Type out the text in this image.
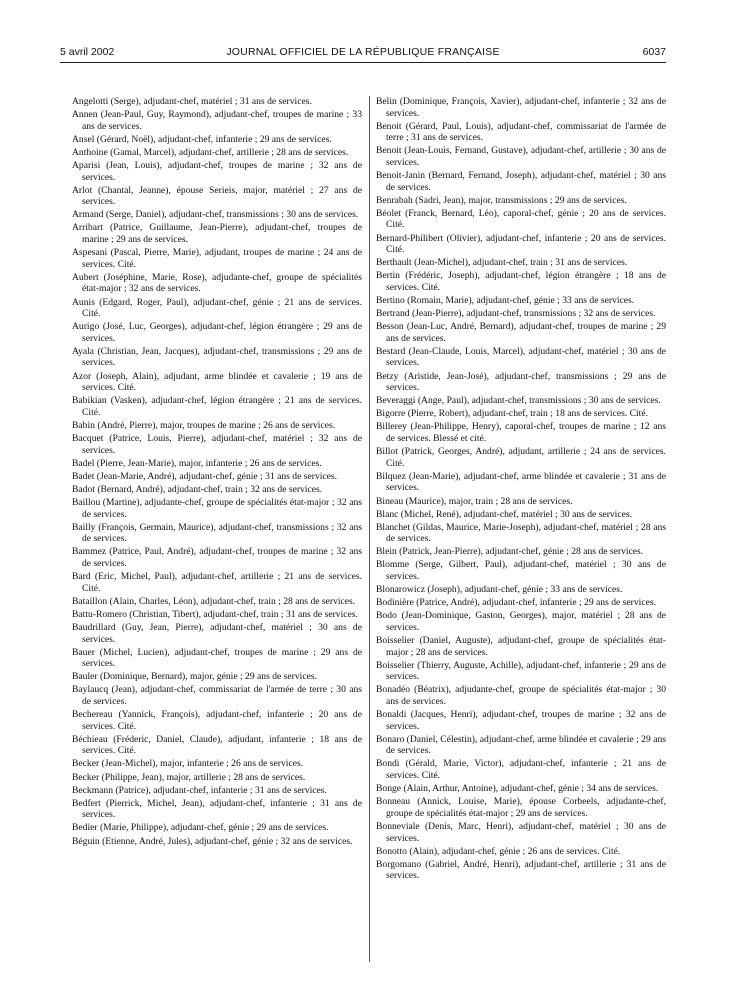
5 avril 2002	JOURNAL OFFICIEL DE LA RÉPUBLIQUE FRANÇAISE	6037

Angelotti (Serge), adjudant-chef, matériel ; 31 ans de services.

Annen (Jean-Paul, Guy, Raymond), adjudant-chef, troupes de marine ; 33 ans de services.

Ansel (Gérard, Noël), adjudant-chef, infanterie ; 29 ans de services.

Anthoine (Gamal, Marcel), adjudant-chef, artillerie ; 28 ans de services.

Aparisi (Jean, Louis), adjudant-chef, troupes de marine ; 32 ans de services.

Arlot (Chantal, Jeanne), épouse Serieis, major, matériel ; 27 ans de services.

Armand (Serge, Daniel), adjudant-chef, transmissions ; 30 ans de services.

Arribart (Patrice, Guillaume, Jean-Pierre), adjudant-chef, troupes de marine ; 29 ans de services.

Aspesani (Pascal, Pierre, Marie), adjudant, troupes de marine ; 24 ans de services. Cité.

Aubert (Joséphine, Marie, Rose), adjudante-chef, groupe de spécialités état-major ; 32 ans de services.

Aunis (Edgard, Roger, Paul), adjudant-chef, génie ; 21 ans de services. Cité.

Aurigo (José, Luc, Georges), adjudant-chef, légion étrangère ; 29 ans de services.

Ayala (Christian, Jean, Jacques), adjudant-chef, transmissions ; 29 ans de services.

Azor (Joseph, Alain), adjudant, arme blindée et cavalerie ; 19 ans de services. Cité.

Babikian (Vasken), adjudant-chef, légion étrangère ; 21 ans de services. Cité.

Babin (André, Pierre), major, troupes de marine ; 26 ans de services.

Bacquet (Patrice, Louis, Pierre), adjudant-chef, matériel ; 32 ans de services.

Badel (Pierre, Jean-Marie), major, infanterie ; 26 ans de services.

Badet (Jean-Marie, André), adjudant-chef, génie ; 31 ans de services.

Badot (Bernard, André), adjudant-chef, train ; 32 ans de services.

Baillou (Martine), adjudante-chef, groupe de spécialités état-major ; 32 ans de services.

Bailly (François, Germain, Maurice), adjudant-chef, transmissions ; 32 ans de services.

Bammez (Patrice, Paul, André), adjudant-chef, troupes de marine ; 32 ans de services.

Bard (Eric, Michel, Paul), adjudant-chef, artillerie ; 21 ans de services. Cité.

Bataillon (Alain, Charles, Léon), adjudant-chef, train ; 28 ans de services.

Battu-Romero (Christian, Tibert), adjudant-chef, train ; 31 ans de services.

Baudrillard (Guy, Jean, Pierre), adjudant-chef, matériel ; 30 ans de services.

Bauer (Michel, Lucien), adjudant-chef, troupes de marine ; 29 ans de services.

Bauler (Dominique, Bernard), major, génie ; 29 ans de services.

Baylaucq (Jean), adjudant-chef, commissariat de l'armée de terre ; 30 ans de services.

Bechereau (Yannick, François), adjudant-chef, infanterie ; 20 ans de services. Cité.

Béchieau (Fréderic, Daniel, Claude), adjudant, infanterie ; 18 ans de services. Cité.

Becker (Jean-Michel), major, infanterie ; 26 ans de services.

Becker (Philippe, Jean), major, artillerie ; 28 ans de services.

Beckmann (Patrice), adjudant-chef, infanterie ; 31 ans de services.

Bedfert (Pierrick, Michel, Jean), adjudant-chef, infanterie ; 31 ans de services.

Bedier (Marie, Philippe), adjudant-chef, génie ; 29 ans de services.

Béguin (Etienne, André, Jules), adjudant-chef, génie ; 32 ans de services.

Belin (Dominique, François, Xavier), adjudant-chef, infanterie ; 32 ans de services.

Benoit (Gérard, Paul, Louis), adjudant-chef, commissariat de l'armée de terre ; 31 ans de services.

Benoit (Jean-Louis, Fernand, Gustave), adjudant-chef, artillerie ; 30 ans de services.

Benoit-Janin (Bernard, Fernand, Joseph), adjudant-chef, matériel ; 30 ans de services.

Benrabah (Sadri, Jean), major, transmissions ; 29 ans de services.

Béolet (Franck, Bernard, Léo), caporal-chef, génie ; 20 ans de services. Cité.

Bernard-Philibert (Olivier), adjudant-chef, infanterie ; 20 ans de services. Cité.

Berthault (Jean-Michel), adjudant-chef, train ; 31 ans de services.

Bertin (Frédéric, Joseph), adjudant-chef, légion étrangère ; 18 ans de services. Cité.

Bertino (Romain, Marie), adjudant-chef, génie ; 33 ans de services.

Bertrand (Jean-Pierre), adjudant-chef, transmissions ; 32 ans de services.

Besson (Jean-Luc, André, Bernard), adjudant-chef, troupes de marine ; 29 ans de services.

Bestard (Jean-Claude, Louis, Marcel), adjudant-chef, matériel ; 30 ans de services.

Betzy (Aristide, Jean-José), adjudant-chef, transmissions ; 29 ans de services.

Beveraggi (Ange, Paul), adjudant-chef, transmissions ; 30 ans de services.

Bigorre (Pierre, Robert), adjudant-chef, train ; 18 ans de services. Cité.

Billerey (Jean-Philippe, Henry), caporal-chef, troupes de marine ; 12 ans de services. Blessé et cité.

Billot (Patrick, Georges, André), adjudant, artillerie ; 24 ans de services. Cité.

Bilquez (Jean-Marie), adjudant-chef, arme blindée et cavalerie ; 31 ans de services.

Bineau (Maurice), major, train ; 28 ans de services.

Blanc (Michel, René), adjudant-chef, matériel ; 30 ans de services.

Blanchet (Gildas, Maurice, Marie-Joseph), adjudant-chef, matériel ; 28 ans de services.

Blein (Patrick, Jean-Pierre), adjudant-chef, génie ; 28 ans de services.

Blomme (Serge, Gilbert, Paul), adjudant-chef, matériel ; 30 ans de services.

Blonarowicz (Joseph), adjudant-chef, génie ; 33 ans de services.

Bodinière (Patrice, André), adjudant-chef, infanterie ; 29 ans de services.

Bodo (Jean-Dominique, Gaston, Georges), major, matériel ; 28 ans de services.

Boisselier (Daniel, Auguste), adjudant-chef, groupe de spécialités état-major ; 28 ans de services.

Boisselier (Thierry, Auguste, Achille), adjudant-chef, infanterie ; 29 ans de services.

Bonadéo (Béatrix), adjudante-chef, groupe de spécialités état-major ; 30 ans de services.

Bonaldi (Jacques, Henri), adjudant-chef, troupes de marine ; 32 ans de services.

Bonaro (Daniel, Célestin), adjudant-chef, arme blindée et cavalerie ; 29 ans de services.

Bondi (Gérald, Marie, Victor), adjudant-chef, infanterie ; 21 ans de services. Cité.

Bonge (Alain, Arthur, Antoine), adjudant-chef, génie ; 34 ans de services.

Bonneau (Annick, Louise, Marie), épouse Corbeels, adjudante-chef, groupe de spécialités état-major ; 29 ans de services.

Bonneviale (Denis, Marc, Henri), adjudant-chef, matériel ; 30 ans de services.

Bonotto (Alain), adjudant-chef, génie ; 26 ans de services. Cité.

Borgomano (Gabriel, André, Henri), adjudant-chef, artillerie ; 31 ans de services.
